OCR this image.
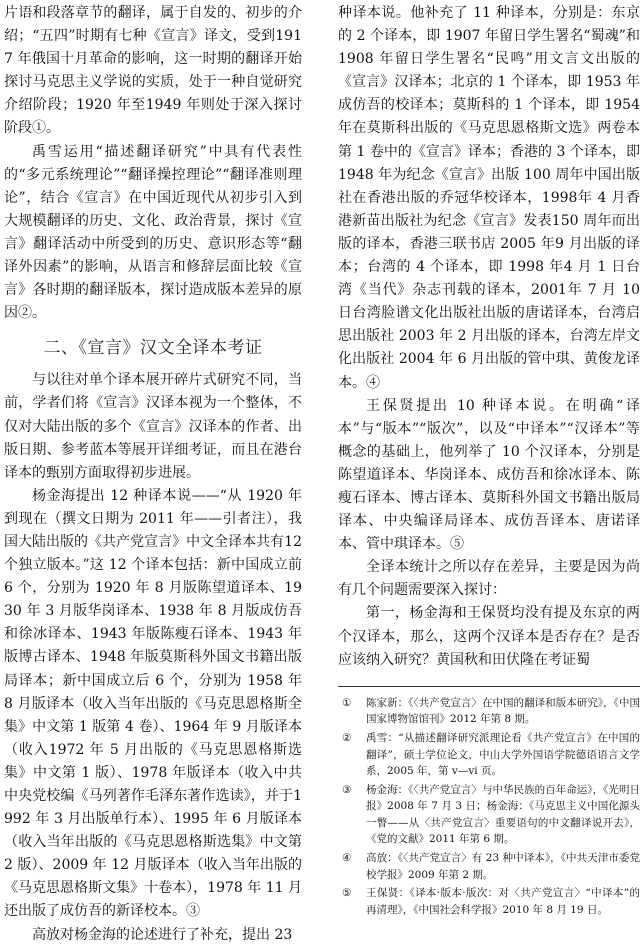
片语和段落章节的翻译，属于自发的、初步的介绍；“五四”时期有七种《宣言》译文，受到1917 年俄国十月革命的影响，这一时期的翻译开始探讨马克思主义学说的实质，处于一种自觉研究介绍阶段；1920 年至1949 年则处于深入探讨阶段①。

禹雪运用“描述翻译研究”中具有代表性的“多元系统理论”“翻译操控理论”“翻译准则理论”，结合《宣言》在中国近现代从初步引入到大规模翻译的历史、文化、政治背景，探讨《宣言》翻译活动中所受到的历史、意识形态等“翻译外因素”的影响，从语言和修辞层面比较《宣言》各时期的翻译版本，探讨造成版本差异的原因②。

二、《宣言》汉文全译本考证

与以往对单个译本展开碎片式研究不同，当前，学者们将《宣言》汉译本视为一个整体，不仅对大陆出版的多个《宣言》汉译本的作者、出版日期、参考蓝本等展开详细考证，而且在港台译本的甄别方面取得初步进展。

杨金海提出 12 种译本说——“从 1920 年到现在（撰文日期为 2011 年——引者注），我国大陆出版的《共产党宣言》中文全译本共有12 个独立版本。”这 12 个译本包括：新中国成立前 6 个，分别为 1920 年 8 月版陈望道译本、1930 年 3 月版华岗译本、1938 年 8 月版成仿吾和徐冰译本、1943 年版陈瘦石译本、1943 年版博古译本、1948 年版莫斯科外国文书籍出版局译本；新中国成立后 6 个，分别为 1958 年 8 月版译本（收入当年出版的《马克思恩格斯全集》中文第 1 版第 4 卷）、1964 年 9 月版译本（收入1972 年 5 月出版的《马克思恩格斯选集》中文第 1 版）、1978 年版译本（收入中共中央党校编《马列著作毛泽东著作选读》，并于1992 年 3 月出版单行本）、1995 年 6 月版译本（收入当年出版的《马克思恩格斯选集》中文第 2 版）、2009 年 12 月版译本（收入当年出版的《马克思恩格斯文集》十卷本），1978 年 11 月还出版了成仿吾的新译校本。③

高放对杨金海的论述进行了补充，提出 23

种译本说。他补充了 11 种译本，分别是：东京的 2 个译本，即 1907 年留日学生署名“蜀魂”和 1908 年留日学生署名“民鸣”用文言文出版的《宣言》汉译本；北京的 1 个译本，即 1953 年成仿吾的校译本；莫斯科的 1 个译本，即 1954 年在莫斯科出版的《马克思恩格斯文选》两卷本第 1 卷中的《宣言》译本；香港的 3 个译本，即 1948 年为纪念《宣言》出版 100 周年中国出版社在香港出版的乔冠华校译本，1998年 4 月香港新苗出版社为纪念《宣言》发表150 周年而出版的译本，香港三联书店 2005 年9 月出版的译本；台湾的 4 个译本，即 1998 年4 月 1 日台湾《当代》杂志刊载的译本，2001年 7 月 10 日台湾脸谱文化出版社出版的唐诺译本，台湾启思出版社 2003 年 2 月出版的译本，台湾左岸文化出版社 2004 年 6 月出版的管中琪、黄俊龙译本。④

王保贤提出 10 种译本说。在明确“译本”与“版本”“版次”，以及“中译本”“汉译本”等概念的基础上，他列举了 10 个汉译本，分别是陈望道译本、华岗译本、成仿吾和徐冰译本、陈瘦石译本、博古译本、莫斯科外国文书籍出版局译本、中央编译局译本、成仿吾译本、唐诺译本、管中琪译本。⑤

全译本统计之所以存在差异，主要是因为尚有几个问题需要深入探讨：

第一，杨金海和王保贤均没有提及东京的两个汉译本，那么，这两个汉译本是否存在？是否应该纳入研究？黄国秋和田伏隆在考证蜀

①	陈家新：《〈共产党宣言〉在中国的翻译和版本研究》，《中国国家博物馆馆刊》2012 年第 8 期。
②	禹雪：“从描述翻译研究派理论看《共产党宣言》在中国的翻译”，硕士学位论文，中山大学外国语学院德语语言文学系，2005 年，第 v—vi 页。
③	杨金海：《〈共产党宣言〉与中华民族的百年命运》，《光明日报》2008 年 7 月 3 日；杨金海：《马克思主义中国化源头一瞥——从〈共产党宣言〉重要语句的中文翻译说开去》，《党的文献》2011 年第 6 期。
④	高放：《〈共产党宣言〉有 23 种中译本》，《中共天津市委党校学报》2009 年第 2 期。
⑤	王保贤：《译本·版本·版次：对〈共产党宣言〉“中译本”的再清理》，《中国社会科学报》2010 年 8 月 19 日。
